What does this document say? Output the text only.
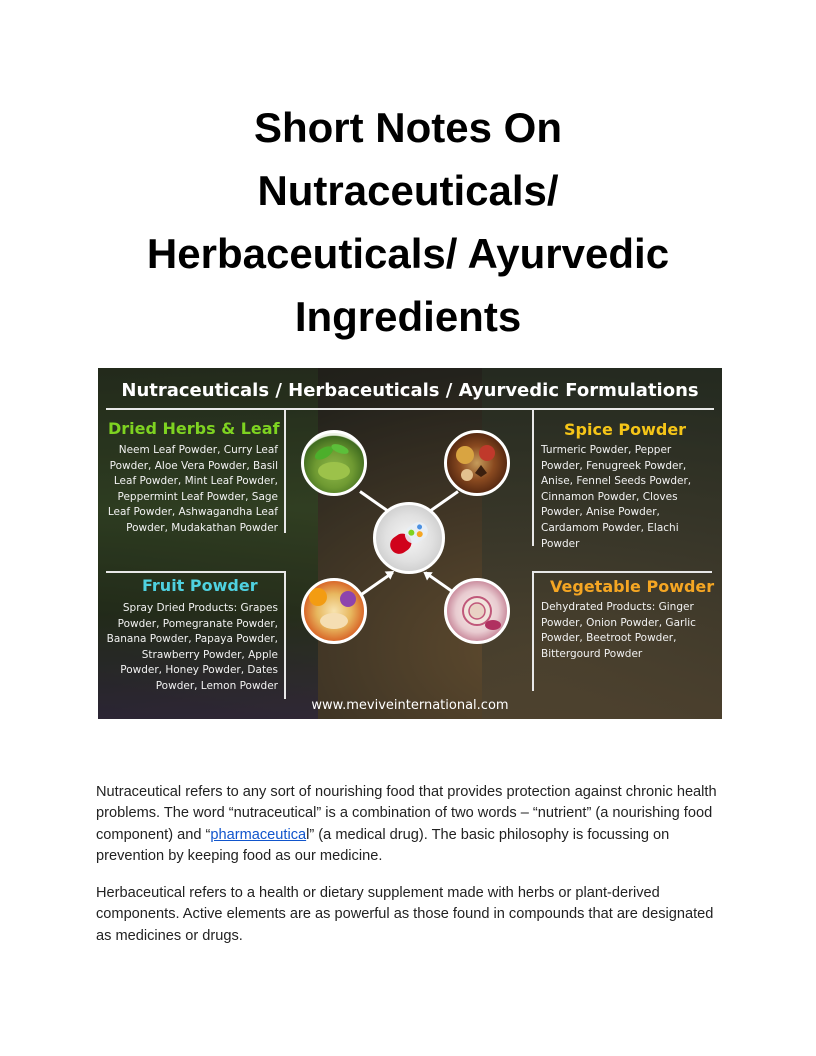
Short Notes On
Nutraceuticals/
Herbaceuticals/ Ayurvedic
Ingredients
Nutraceuticals / Herbaceuticals / Ayurvedic Formulations
Dried Herbs & Leaf
Neem Leaf Powder, Curry Leaf
Powder, Aloe Vera Powder, Basil
Leaf Powder, Mint Leaf Powder,
Peppermint Leaf Powder, Sage
Leaf Powder, Ashwagandha Leaf
Powder, Mudakathan Powder
Spice Powder
Turmeric Powder, Pepper
Powder, Fenugreek Powder,
Anise, Fennel Seeds Powder,
Cinnamon Powder, Cloves
Powder, Anise Powder,
Cardamom Powder, Elachi
Powder
Fruit Powder
Spray Dried Products: Grapes
Powder, Pomegranate Powder,
Banana Powder, Papaya Powder,
Strawberry Powder, Apple
Powder, Honey Powder, Dates
Powder, Lemon Powder
Vegetable Powder
Dehydrated Products: Ginger
Powder, Onion Powder, Garlic
Powder, Beetroot Powder,
Bittergourd Powder
www.meviveinternational.com

Nutraceutical refers to any sort of nourishing food that provides protection against chronic health problems. The word “nutraceutical” is a combination of two words – “nutrient” (a nourishing food component) and “pharmaceutical” (a medical drug). The basic philosophy is focussing on prevention by keeping food as our medicine.

Herbaceutical refers to a health or dietary supplement made with herbs or plant-derived components. Active elements are as powerful as those found in compounds that are designated as medicines or drugs.
